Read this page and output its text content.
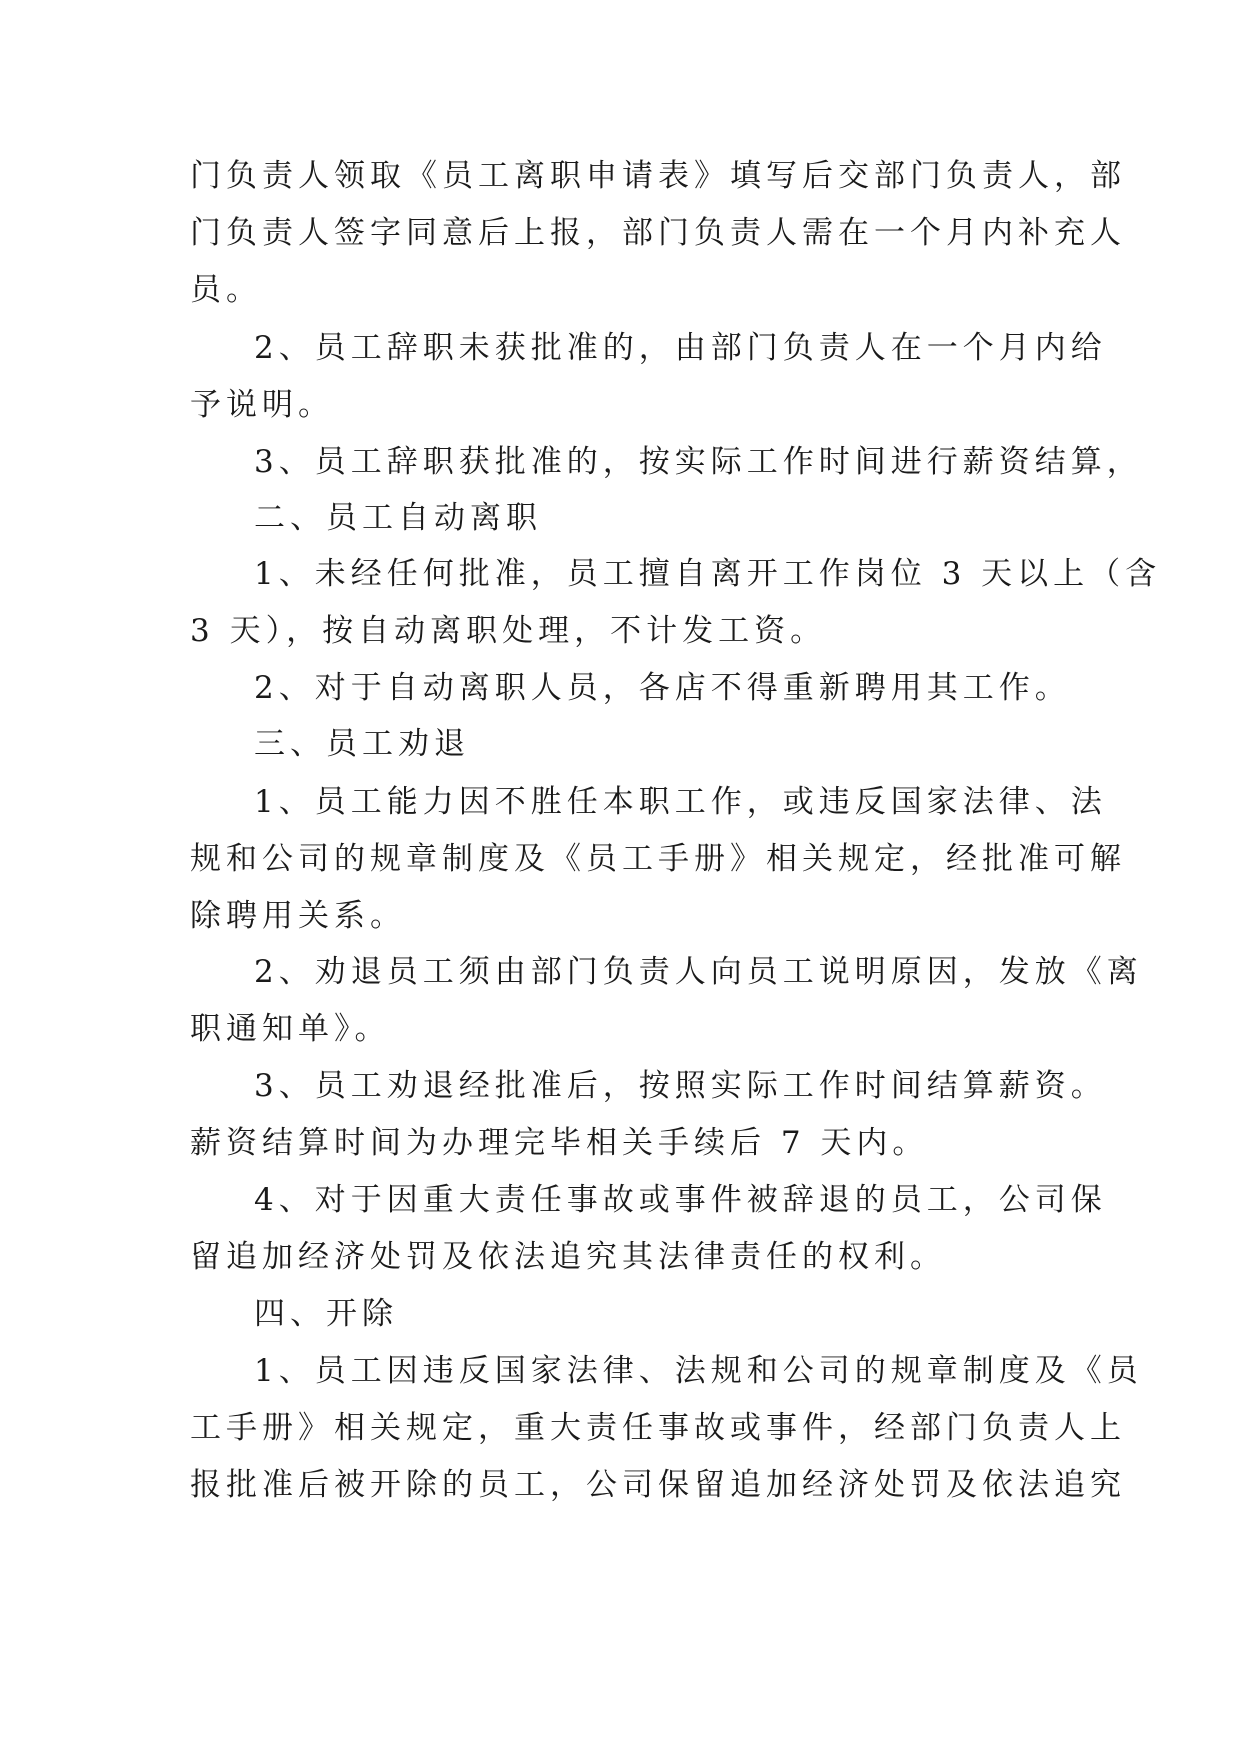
门负责人领取《员工离职申请表》填写后交部门负责人，部
门负责人签字同意后上报，部门负责人需在一个月内补充人
员。
2、员工辞职未获批准的，由部门负责人在一个月内给
予说明。
3、员工辞职获批准的，按实际工作时间进行薪资结算，
二、员工自动离职
1、未经任何批准，员工擅自离开工作岗位 3 天以上（含
3 天），按自动离职处理，不计发工资。
2、对于自动离职人员，各店不得重新聘用其工作。
三、员工劝退
1、员工能力因不胜任本职工作，或违反国家法律、法
规和公司的规章制度及《员工手册》相关规定，经批准可解
除聘用关系。
2、劝退员工须由部门负责人向员工说明原因，发放《离
职通知单》。
3、员工劝退经批准后，按照实际工作时间结算薪资。
薪资结算时间为办理完毕相关手续后 7 天内。
4、对于因重大责任事故或事件被辞退的员工，公司保
留追加经济处罚及依法追究其法律责任的权利。
四、开除
1、员工因违反国家法律、法规和公司的规章制度及《员
工手册》相关规定，重大责任事故或事件，经部门负责人上
报批准后被开除的员工，公司保留追加经济处罚及依法追究
